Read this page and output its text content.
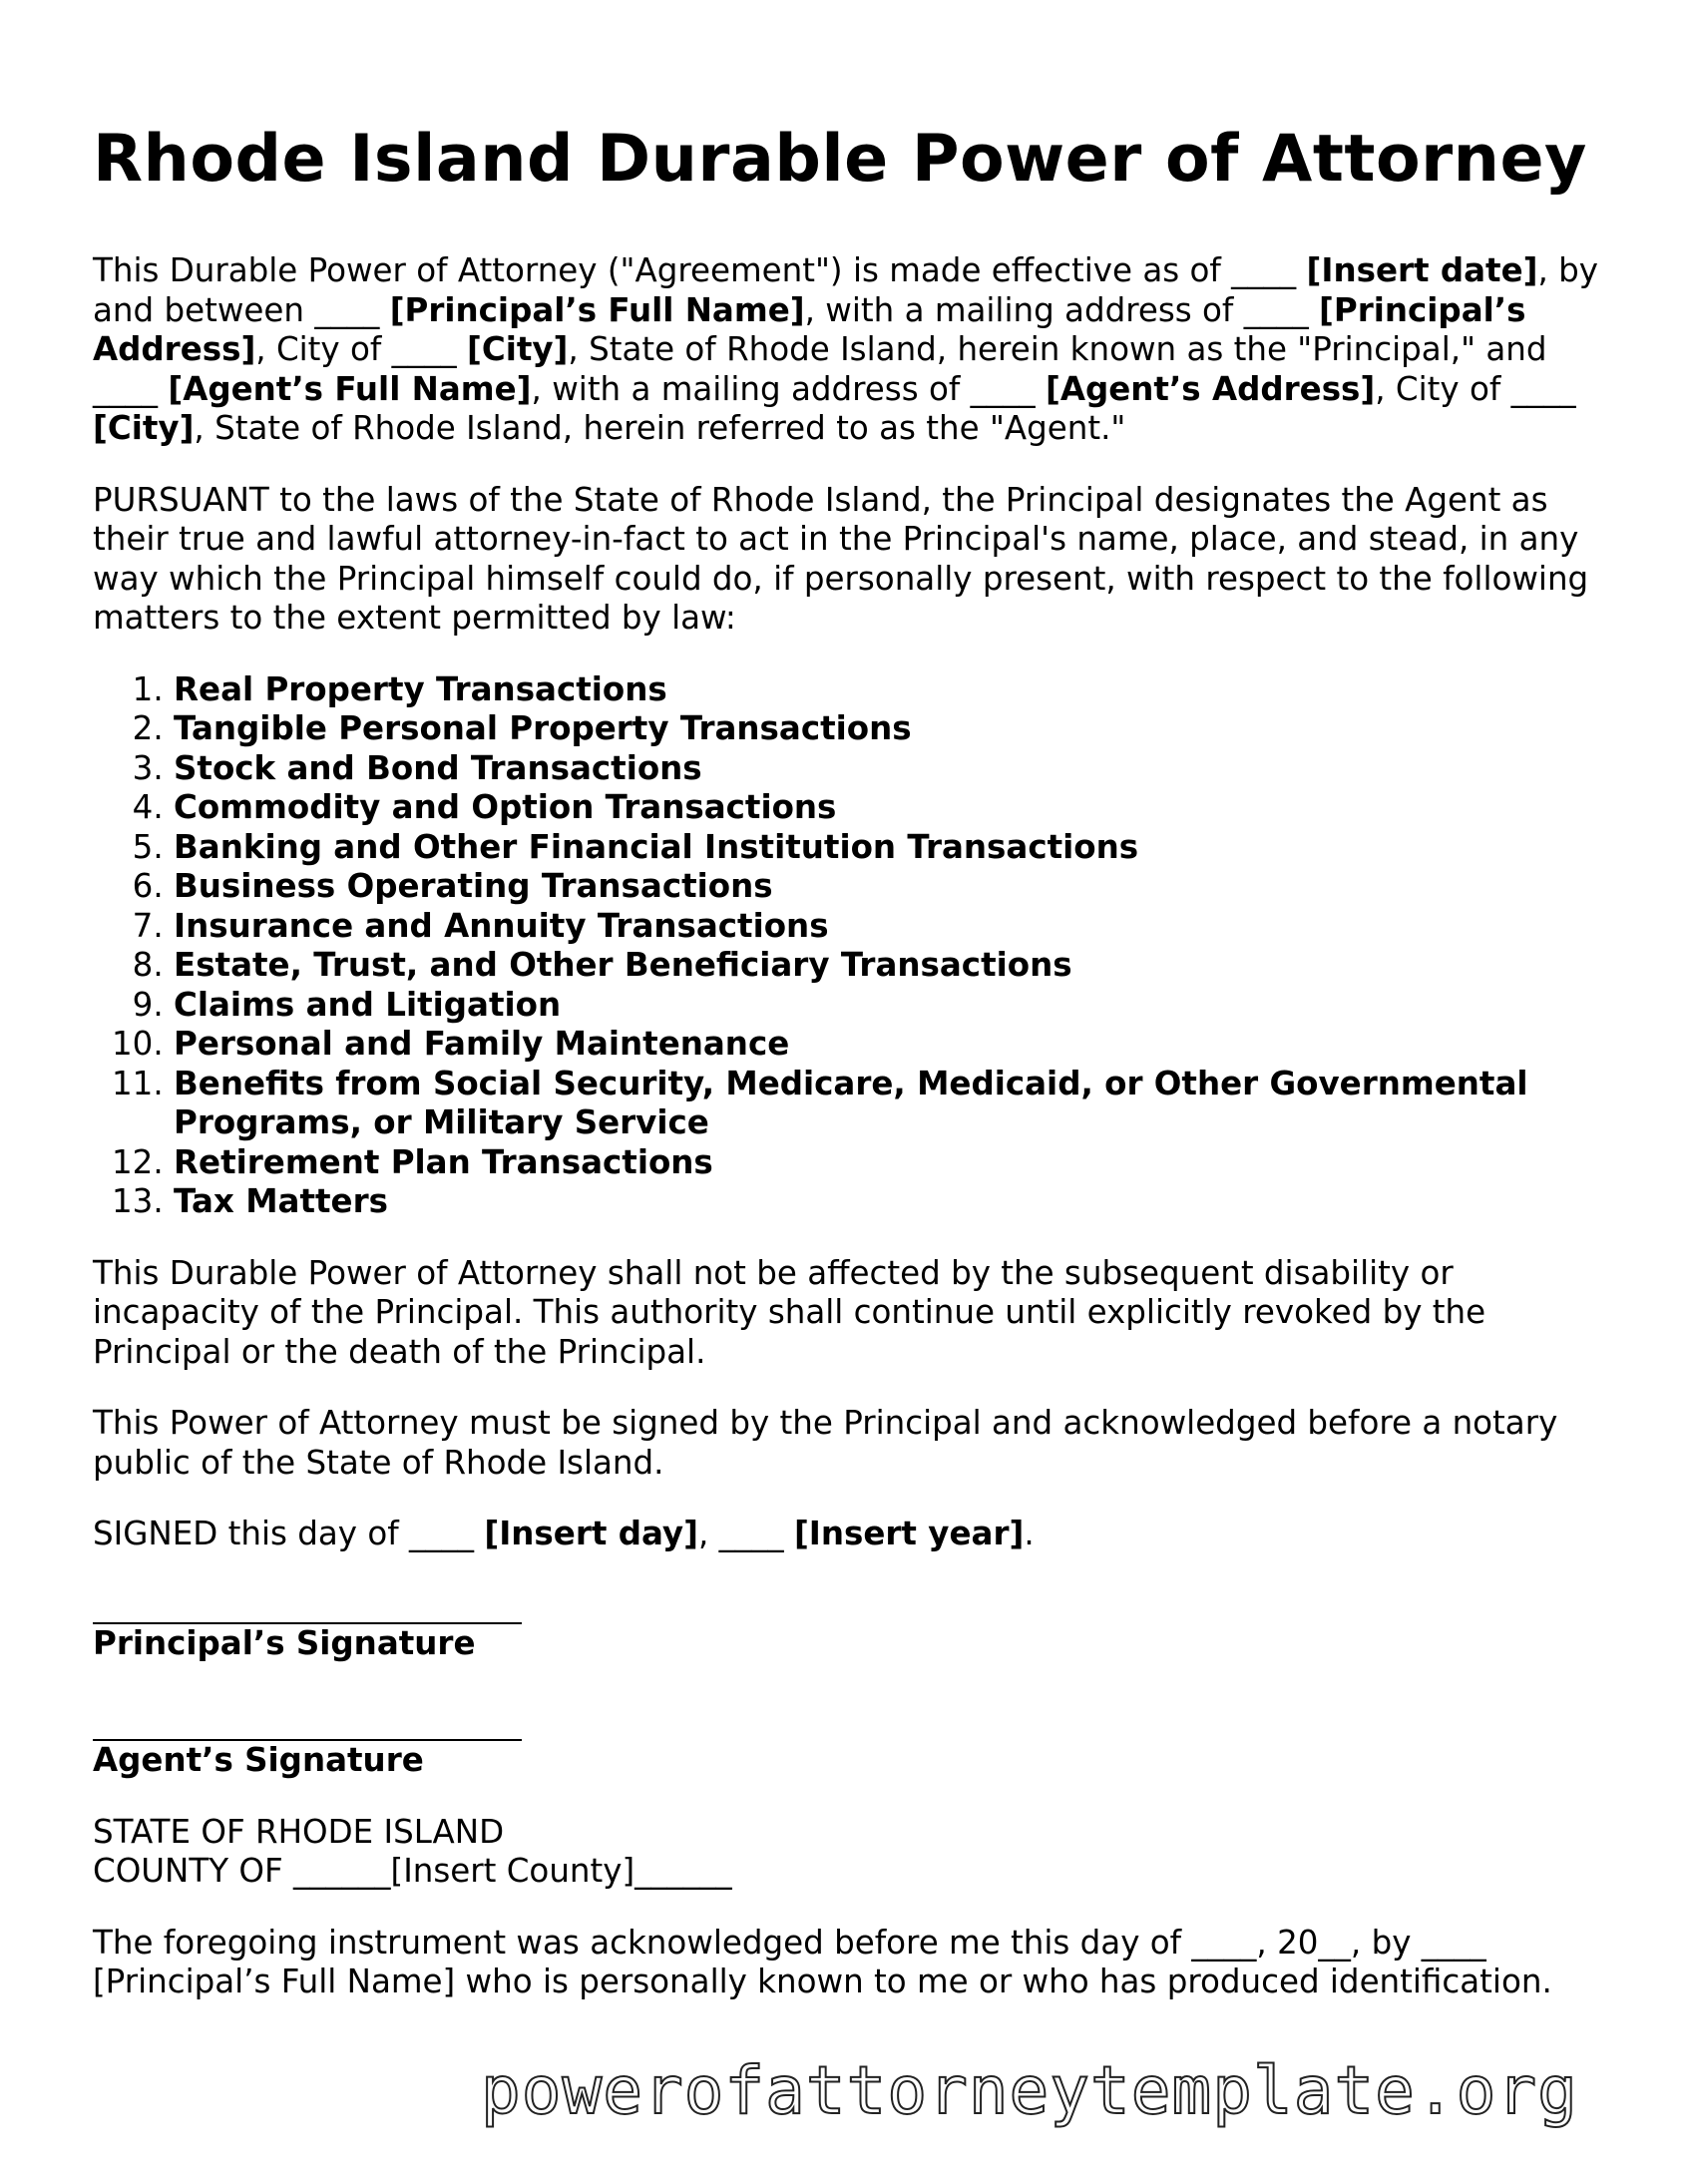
Rhode Island Durable Power of Attorney

This Durable Power of Attorney ("Agreement") is made effective as of ____ [Insert date], by and between ____ [Principal’s Full Name], with a mailing address of ____ [Principal’s Address], City of ____ [City], State of Rhode Island, herein known as the "Principal," and ____ [Agent’s Full Name], with a mailing address of ____ [Agent’s Address], City of ____ [City], State of Rhode Island, herein referred to as the "Agent."

PURSUANT to the laws of the State of Rhode Island, the Principal designates the Agent as their true and lawful attorney-in-fact to act in the Principal's name, place, and stead, in any way which the Principal himself could do, if personally present, with respect to the following matters to the extent permitted by law:

1. Real Property Transactions
2. Tangible Personal Property Transactions
3. Stock and Bond Transactions
4. Commodity and Option Transactions
5. Banking and Other Financial Institution Transactions
6. Business Operating Transactions
7. Insurance and Annuity Transactions
8. Estate, Trust, and Other Beneficiary Transactions
9. Claims and Litigation
10. Personal and Family Maintenance
11. Benefits from Social Security, Medicare, Medicaid, or Other Governmental Programs, or Military Service
12. Retirement Plan Transactions
13. Tax Matters

This Durable Power of Attorney shall not be affected by the subsequent disability or incapacity of the Principal. This authority shall continue until explicitly revoked by the Principal or the death of the Principal.

This Power of Attorney must be signed by the Principal and acknowledged before a notary public of the State of Rhode Island.

SIGNED this day of ____ [Insert day], ____ [Insert year].

Principal’s Signature
Agent’s Signature

STATE OF RHODE ISLAND
COUNTY OF ______[Insert County]______

The foregoing instrument was acknowledged before me this day of ____, 20__, by ____ [Principal’s Full Name] who is personally known to me or who has produced identification.

powerofattorneytemplate.org
